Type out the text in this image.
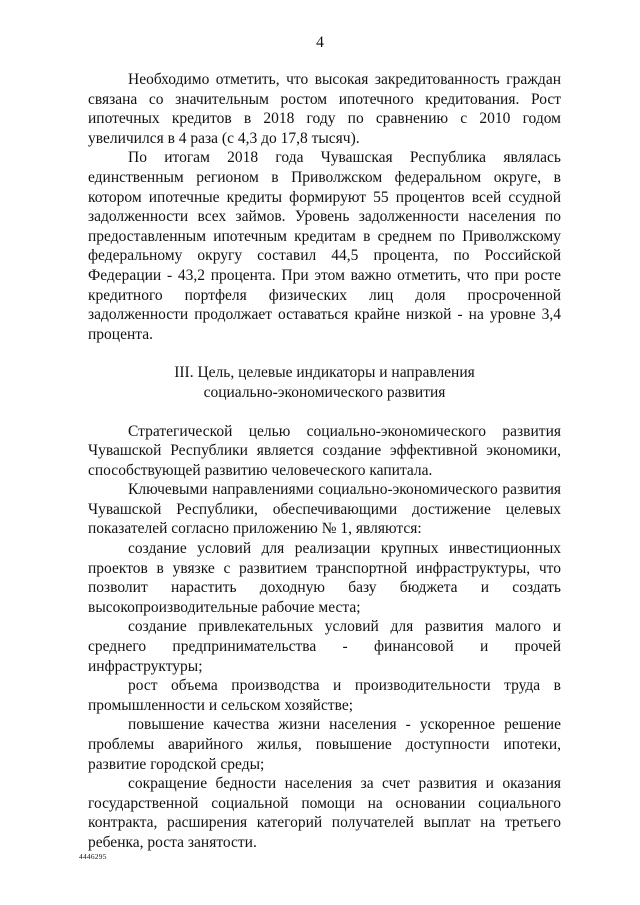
4

Необходимо отметить, что высокая закредитованность граждан связана со значительным ростом ипотечного кредитования. Рост ипотечных кредитов в 2018 году по сравнению с 2010 годом увеличился в 4 раза (с 4,3 до 17,8 тысяч).

По итогам 2018 года Чувашская Республика являлась единственным регионом в Приволжском федеральном округе, в котором ипотечные кредиты формируют 55 процентов всей ссудной задолженности всех займов. Уровень задолженности населения по предоставленным ипотечным кредитам в среднем по Приволжскому федеральному округу составил 44,5 процента, по Российской Федерации - 43,2 процента. При этом важно отметить, что при росте кредитного портфеля физических лиц доля просроченной задолженности продолжает оставаться крайне низкой - на уровне 3,4 процента.

III. Цель, целевые индикаторы и направления
социально-экономического развития

Стратегической целью социально-экономического развития Чувашской Республики является создание эффективной экономики, способствующей развитию человеческого капитала.

Ключевыми направлениями социально-экономического развития Чувашской Республики, обеспечивающими достижение целевых показателей согласно приложению № 1, являются:

создание условий для реализации крупных инвестиционных проектов в увязке с развитием транспортной инфраструктуры, что позволит нарастить доходную базу бюджета и создать высокопроизводительные рабочие места;

создание привлекательных условий для развития малого и среднего предпринимательства - финансовой и прочей инфраструктуры;

рост объема производства и производительности труда в промышленности и сельском хозяйстве;

повышение качества жизни населения - ускоренное решение проблемы аварийного жилья, повышение доступности ипотеки, развитие городской среды;

сокращение бедности населения за счет развития и оказания государственной социальной помощи на основании социального контракта, расширения категорий получателей выплат на третьего ребенка, роста занятости.

4446295
